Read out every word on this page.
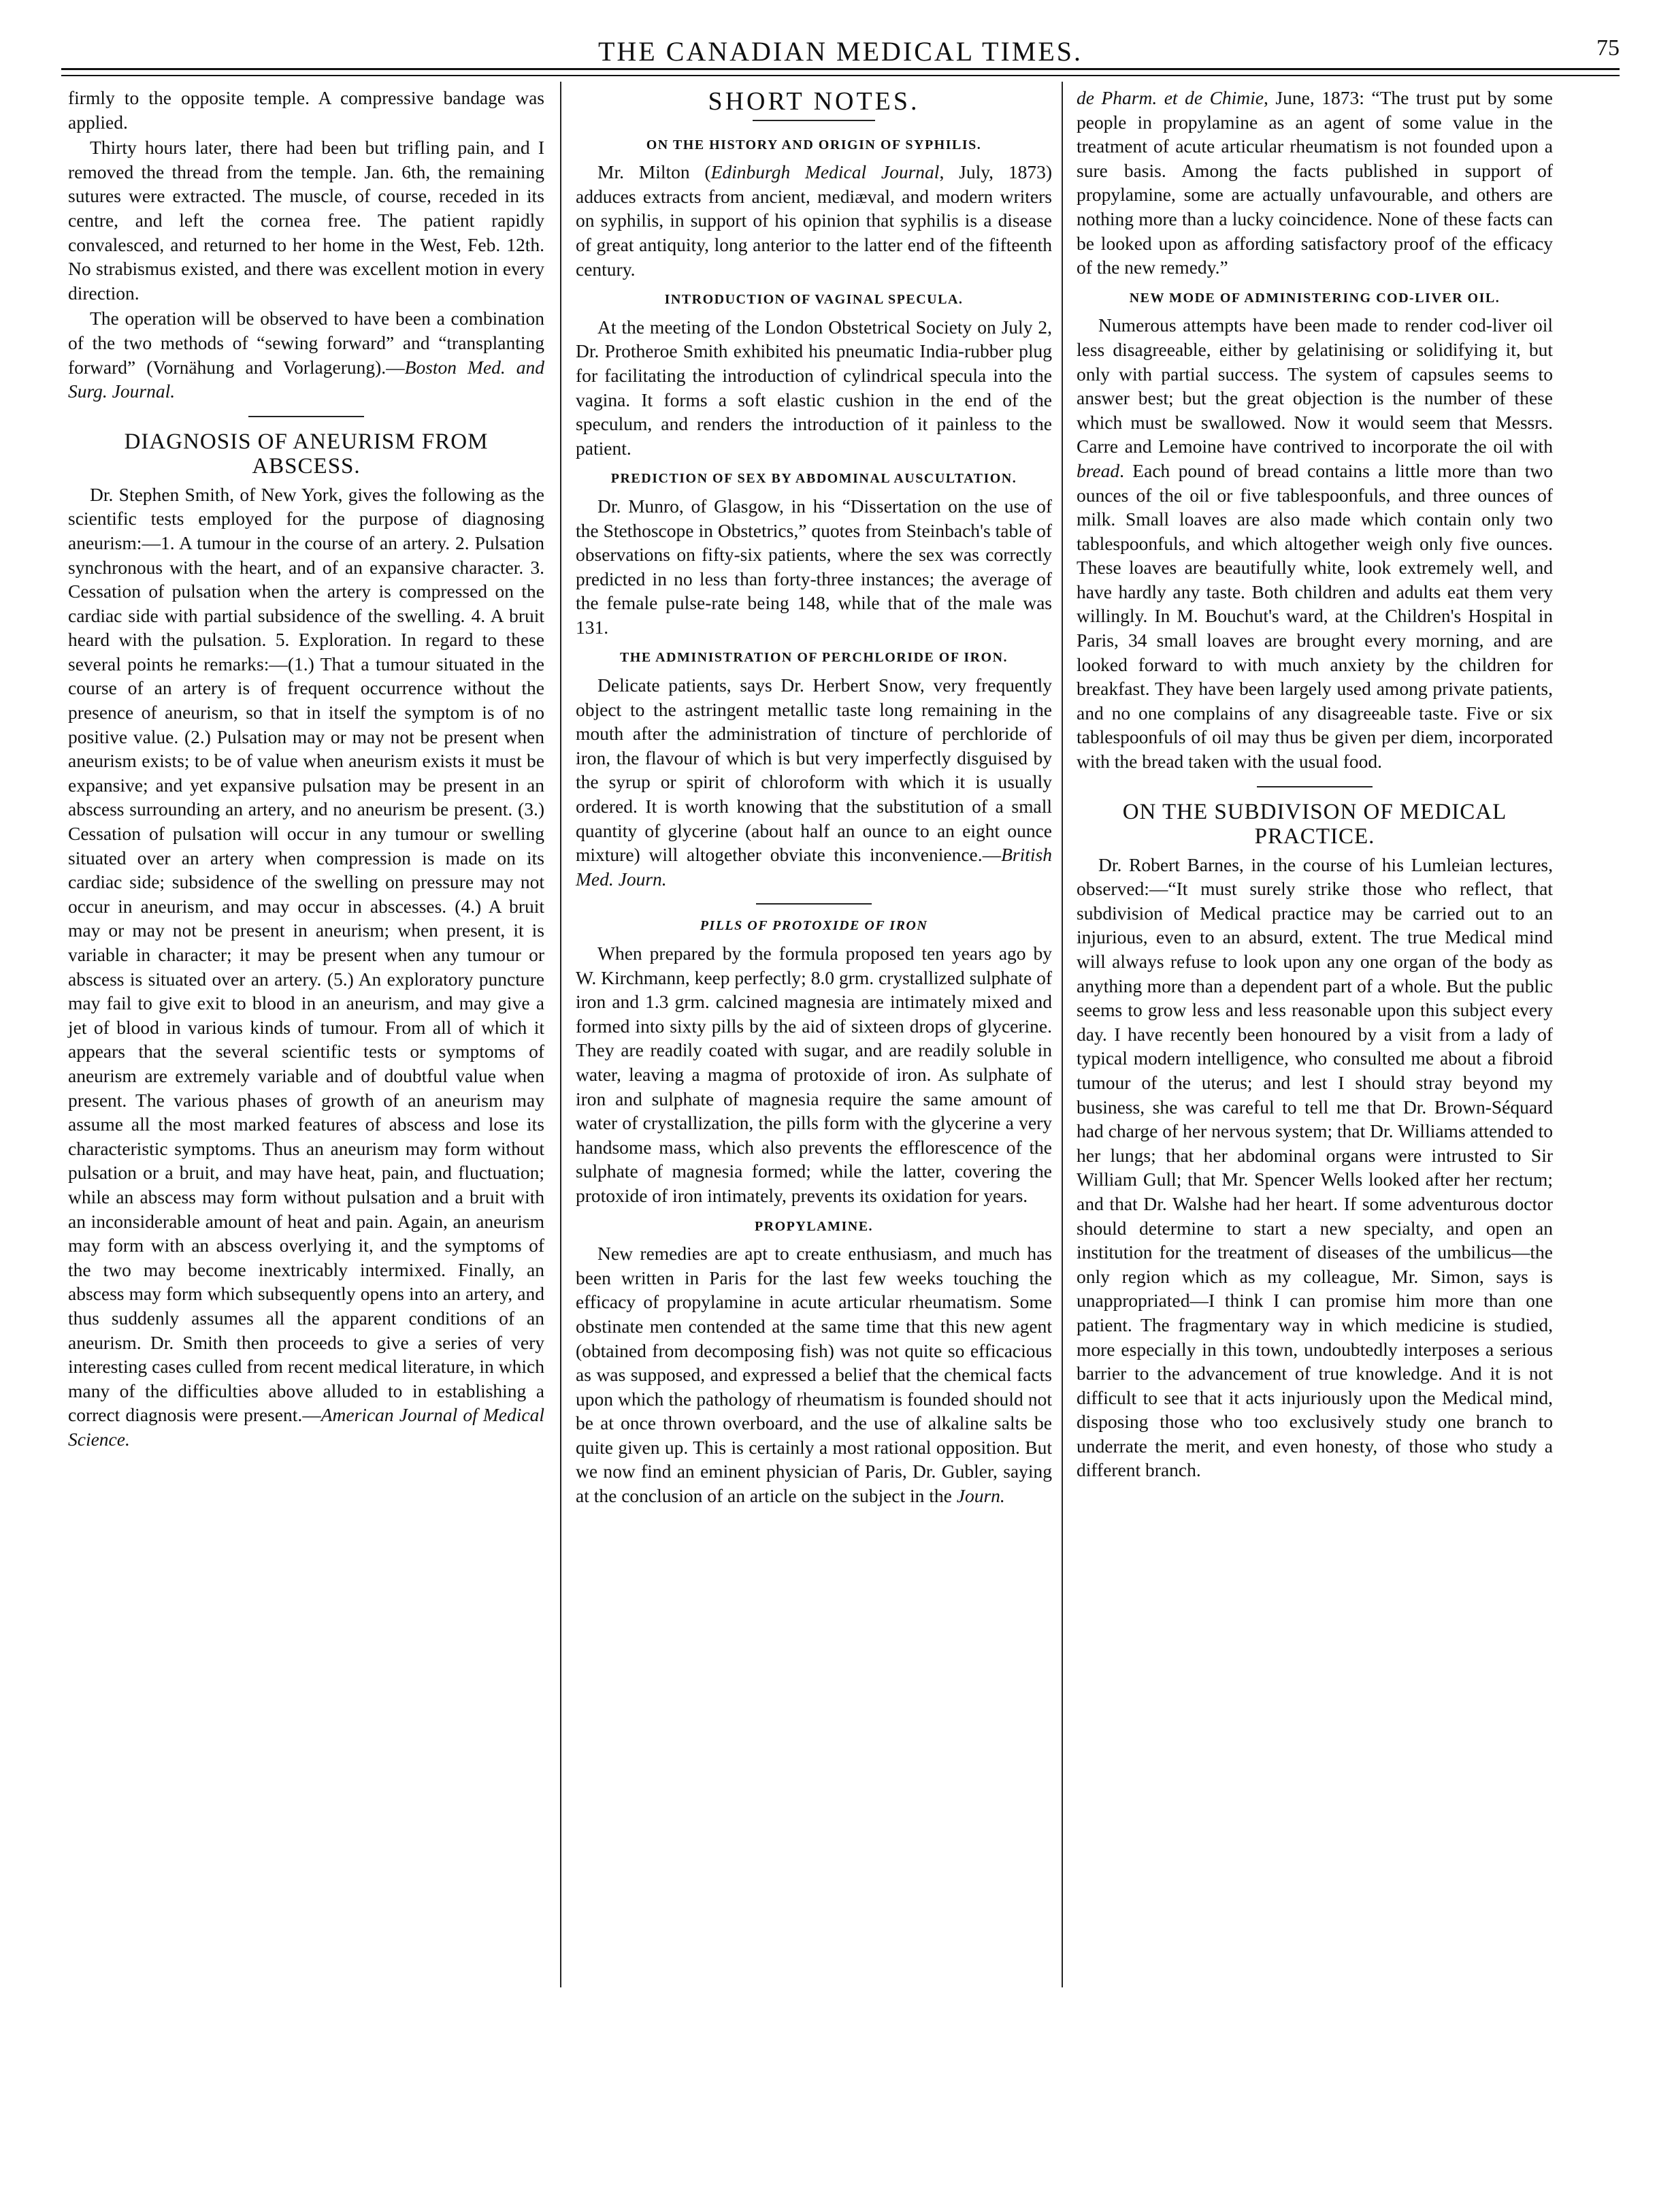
THE CANADIAN MEDICAL TIMES.	75

firmly to the opposite temple. A compressive bandage was applied.

Thirty hours later, there had been but trifling pain, and I removed the thread from the temple. Jan. 6th, the remaining sutures were extracted. The muscle, of course, receded in its centre, and left the cornea free. The patient rapidly convalesced, and returned to her home in the West, Feb. 12th. No strabismus existed, and there was excellent motion in every direction.

The operation will be observed to have been a combination of the two methods of “sewing forward” and “transplanting forward” (Vornähung and Vorlagerung).—Boston Med. and Surg. Journal.

DIAGNOSIS OF ANEURISM FROM ABSCESS.

Dr. Stephen Smith, of New York, gives the following as the scientific tests employed for the purpose of diagnosing aneurism:—1. A tumour in the course of an artery. 2. Pulsation synchronous with the heart, and of an expansive character. 3. Cessation of pulsation when the artery is compressed on the cardiac side with partial subsidence of the swelling. 4. A bruit heard with the pulsation. 5. Exploration. In regard to these several points he remarks:—(1.) That a tumour situated in the course of an artery is of frequent occurrence without the presence of aneurism, so that in itself the symptom is of no positive value. (2.) Pulsation may or may not be present when aneurism exists; to be of value when aneurism exists it must be expansive; and yet expansive pulsation may be present in an abscess surrounding an artery, and no aneurism be present. (3.) Cessation of pulsation will occur in any tumour or swelling situated over an artery when compression is made on its cardiac side; subsidence of the swelling on pressure may not occur in aneurism, and may occur in abscesses. (4.) A bruit may or may not be present in aneurism; when present, it is variable in character; it may be present when any tumour or abscess is situated over an artery. (5.) An exploratory puncture may fail to give exit to blood in an aneurism, and may give a jet of blood in various kinds of tumour. From all of which it appears that the several scientific tests or symptoms of aneurism are extremely variable and of doubtful value when present. The various phases of growth of an aneurism may assume all the most marked features of abscess and lose its characteristic symptoms. Thus an aneurism may form without pulsation or a bruit, and may have heat, pain, and fluctuation; while an abscess may form without pulsation and a bruit with an inconsiderable amount of heat and pain. Again, an aneurism may form with an abscess overlying it, and the symptoms of the two may become inextricably intermixed. Finally, an abscess may form which subsequently opens into an artery, and thus suddenly assumes all the apparent conditions of an aneurism. Dr. Smith then proceeds to give a series of very interesting cases culled from recent medical literature, in which many of the difficulties above alluded to in establishing a correct diagnosis were present.—American Journal of Medical Science.

SHORT NOTES.
ON THE HISTORY AND ORIGIN OF SYPHILIS.

Mr. Milton (Edinburgh Medical Journal, July, 1873) adduces extracts from ancient, mediæval, and modern writers on syphilis, in support of his opinion that syphilis is a disease of great antiquity, long anterior to the latter end of the fifteenth century.

INTRODUCTION OF VAGINAL SPECULA.

At the meeting of the London Obstetrical Society on July 2, Dr. Protheroe Smith exhibited his pneumatic India-rubber plug for facilitating the introduction of cylindrical specula into the vagina. It forms a soft elastic cushion in the end of the speculum, and renders the introduction of it painless to the patient.

PREDICTION OF SEX BY ABDOMINAL AUSCULTATION.

Dr. Munro, of Glasgow, in his “Dissertation on the use of the Stethoscope in Obstetrics,” quotes from Steinbach's table of observations on fifty-six patients, where the sex was correctly predicted in no less than forty-three instances; the average of the female pulse-rate being 148, while that of the male was 131.

THE ADMINISTRATION OF PERCHLORIDE OF IRON.

Delicate patients, says Dr. Herbert Snow, very frequently object to the astringent metallic taste long remaining in the mouth after the administration of tincture of perchloride of iron, the flavour of which is but very imperfectly disguised by the syrup or spirit of chloroform with which it is usually ordered. It is worth knowing that the substitution of a small quantity of glycerine (about half an ounce to an eight ounce mixture) will altogether obviate this inconvenience.—British Med. Journ.

PILLS OF PROTOXIDE OF IRON

When prepared by the formula proposed ten years ago by W. Kirchmann, keep perfectly; 8.0 grm. crystallized sulphate of iron and 1.3 grm. calcined magnesia are intimately mixed and formed into sixty pills by the aid of sixteen drops of glycerine. They are readily coated with sugar, and are readily soluble in water, leaving a magma of protoxide of iron. As sulphate of iron and sulphate of magnesia require the same amount of water of crystallization, the pills form with the glycerine a very handsome mass, which also prevents the efflorescence of the sulphate of magnesia formed; while the latter, covering the protoxide of iron intimately, prevents its oxidation for years.

PROPYLAMINE.

New remedies are apt to create enthusiasm, and much has been written in Paris for the last few weeks touching the efficacy of propylamine in acute articular rheumatism. Some obstinate men contended at the same time that this new agent (obtained from decomposing fish) was not quite so efficacious as was supposed, and expressed a belief that the chemical facts upon which the pathology of rheumatism is founded should not be at once thrown overboard, and the use of alkaline salts be quite given up. This is certainly a most rational opposition. But we now find an eminent physician of Paris, Dr. Gubler, saying at the conclusion of an article on the subject in the Journ.

de Pharm. et de Chimie, June, 1873: “The trust put by some people in propylamine as an agent of some value in the treatment of acute articular rheumatism is not founded upon a sure basis. Among the facts published in support of propylamine, some are actually unfavourable, and others are nothing more than a lucky coincidence. None of these facts can be looked upon as affording satisfactory proof of the efficacy of the new remedy.”

NEW MODE OF ADMINISTERING COD-LIVER OIL.

Numerous attempts have been made to render cod-liver oil less disagreeable, either by gelatinising or solidifying it, but only with partial success. The system of capsules seems to answer best; but the great objection is the number of these which must be swallowed. Now it would seem that Messrs. Carre and Lemoine have contrived to incorporate the oil with bread. Each pound of bread contains a little more than two ounces of the oil or five tablespoonfuls, and three ounces of milk. Small loaves are also made which contain only two tablespoonfuls, and which altogether weigh only five ounces. These loaves are beautifully white, look extremely well, and have hardly any taste. Both children and adults eat them very willingly. In M. Bouchut's ward, at the Children's Hospital in Paris, 34 small loaves are brought every morning, and are looked forward to with much anxiety by the children for breakfast. They have been largely used among private patients, and no one complains of any disagreeable taste. Five or six tablespoonfuls of oil may thus be given per diem, incorporated with the bread taken with the usual food.

ON THE SUBDIVISON OF MEDICAL PRACTICE.

Dr. Robert Barnes, in the course of his Lumleian lectures, observed:—“It must surely strike those who reflect, that subdivision of Medical practice may be carried out to an injurious, even to an absurd, extent. The true Medical mind will always refuse to look upon any one organ of the body as anything more than a dependent part of a whole. But the public seems to grow less and less reasonable upon this subject every day. I have recently been honoured by a visit from a lady of typical modern intelligence, who consulted me about a fibroid tumour of the uterus; and lest I should stray beyond my business, she was careful to tell me that Dr. Brown-Séquard had charge of her nervous system; that Dr. Williams attended to her lungs; that her abdominal organs were intrusted to Sir William Gull; that Mr. Spencer Wells looked after her rectum; and that Dr. Walshe had her heart. If some adventurous doctor should determine to start a new specialty, and open an institution for the treatment of diseases of the umbilicus—the only region which as my colleague, Mr. Simon, says is unappropriated—I think I can promise him more than one patient. The fragmentary way in which medicine is studied, more especially in this town, undoubtedly interposes a serious barrier to the advancement of true knowledge. And it is not difficult to see that it acts injuriously upon the Medical mind, disposing those who too exclusively study one branch to underrate the merit, and even honesty, of those who study a different branch.
